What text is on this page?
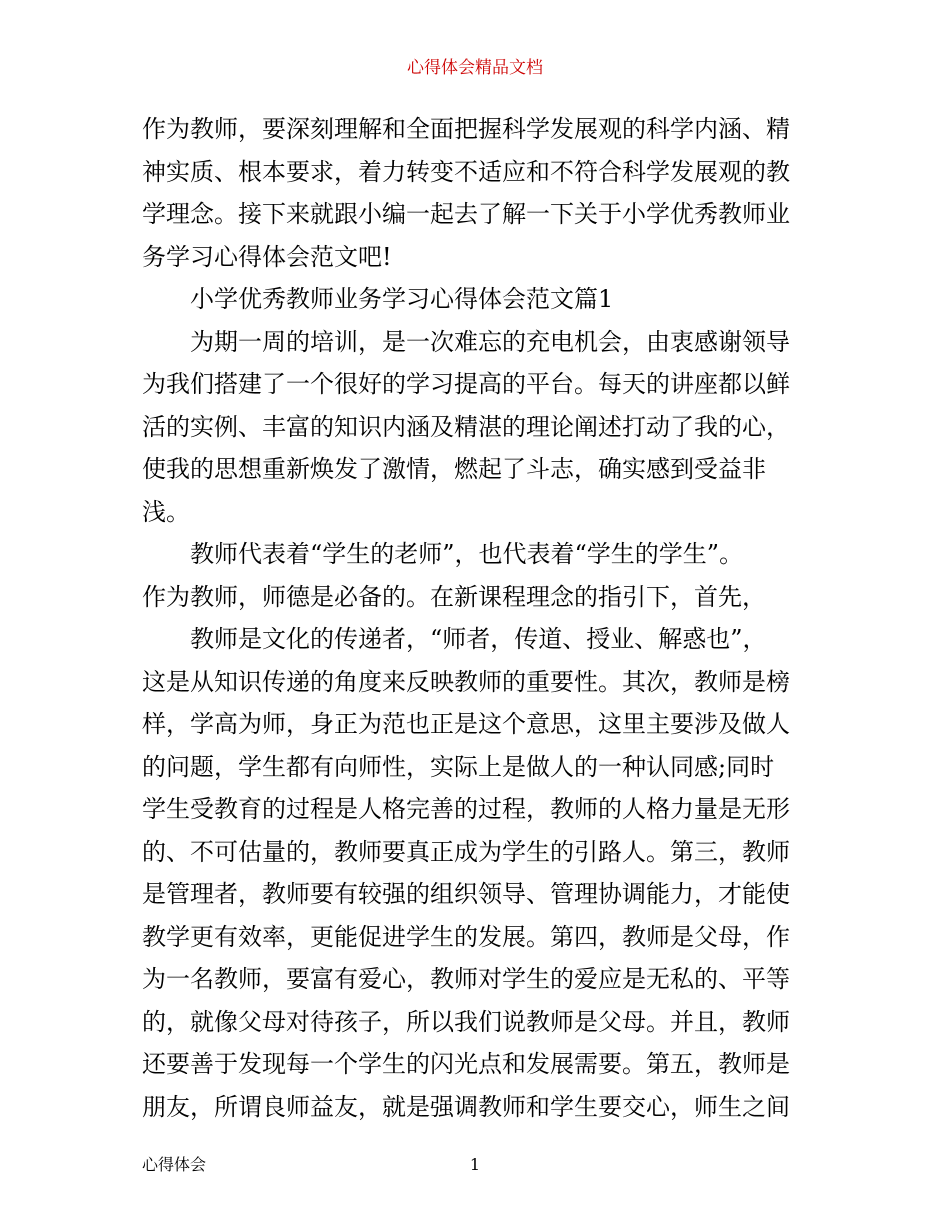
心得体会精品文档
作为教师，要深刻理解和全面把握科学发展观的科学内涵、精
神实质、根本要求，着力转变不适应和不符合科学发展观的教
学理念。接下来就跟小编一起去了解一下关于小学优秀教师业
务学习心得体会范文吧!
小学优秀教师业务学习心得体会范文篇1
为期一周的培训，是一次难忘的充电机会，由衷感谢领导
为我们搭建了一个很好的学习提高的平台。每天的讲座都以鲜
活的实例、丰富的知识内涵及精湛的理论阐述打动了我的心，
使我的思想重新焕发了激情，燃起了斗志，确实感到受益非
浅。
教师代表着“学生的老师”，也代表着“学生的学生”。
作为教师，师德是必备的。在新课程理念的指引下，首先，
教师是文化的传递者，“师者，传道、授业、解惑也”，
这是从知识传递的角度来反映教师的重要性。其次，教师是榜
样，学高为师，身正为范也正是这个意思，这里主要涉及做人
的问题，学生都有向师性，实际上是做人的一种认同感;同时
学生受教育的过程是人格完善的过程，教师的人格力量是无形
的、不可估量的，教师要真正成为学生的引路人。第三，教师
是管理者，教师要有较强的组织领导、管理协调能力，才能使
教学更有效率，更能促进学生的发展。第四，教师是父母，作
为一名教师，要富有爱心，教师对学生的爱应是无私的、平等
的，就像父母对待孩子，所以我们说教师是父母。并且，教师
还要善于发现每一个学生的闪光点和发展需要。第五，教师是
朋友，所谓良师益友，就是强调教师和学生要交心，师生之间
心得体会	1
